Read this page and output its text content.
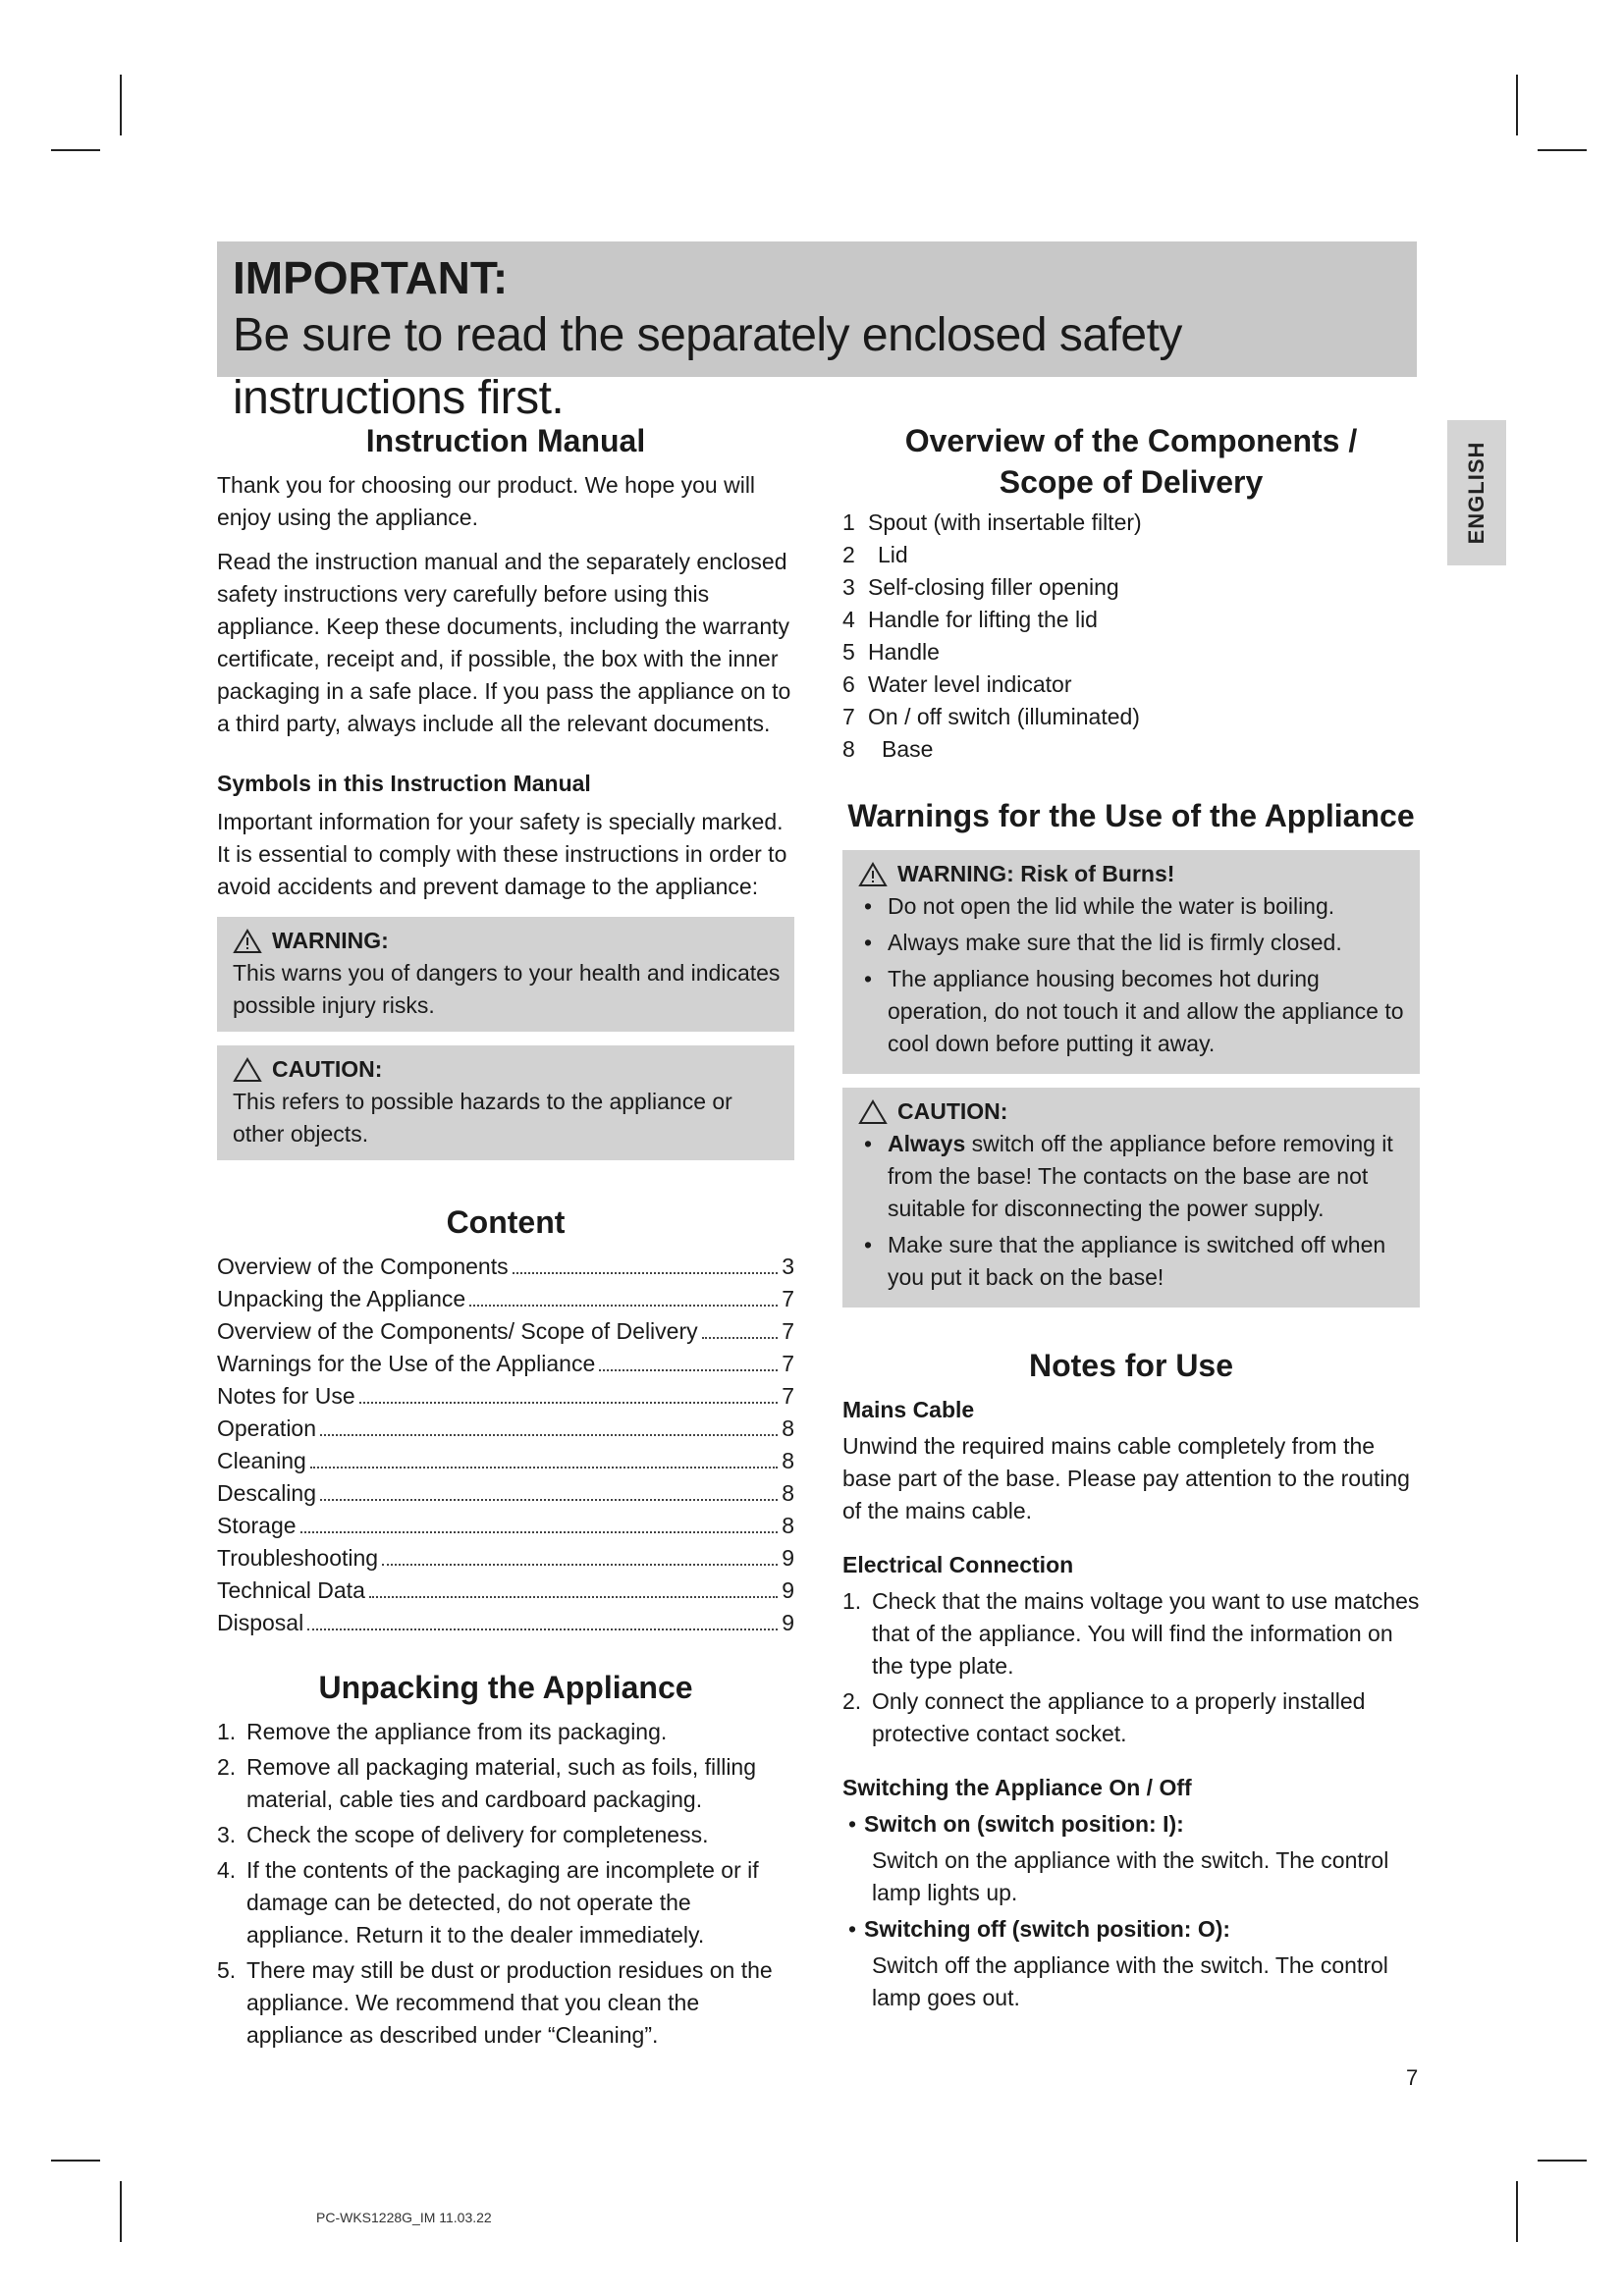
IMPORTANT:
Be sure to read the separately enclosed safety instructions first.
ENGLISH
Instruction Manual

Thank you for choosing our product. We hope you will enjoy using the appliance.

Read the instruction manual and the separately enclosed safety instructions very carefully before using this appliance. Keep these documents, including the warranty certificate, receipt and, if possible, the box with the inner packaging in a safe place. If you pass the appliance on to a third party, always include all the relevant documents.

Symbols in this Instruction Manual

Important information for your safety is specially marked. It is essential to comply with these instructions in order to avoid accidents and prevent damage to the appliance:

WARNING:
This warns you of dangers to your health and indicates possible injury risks.
CAUTION:
This refers to possible hazards to the appliance or other objects.
Content
Overview of the Components	3
Unpacking the Appliance	7
Overview of the Components/ Scope of Delivery	7
Warnings for the Use of the Appliance	7
Notes for Use	7
Operation	8
Cleaning	8
Descaling	8
Storage	8
Troubleshooting	9
Technical Data	9
Disposal	9
Unpacking the Appliance
1. Remove the appliance from its packaging.
2. Remove all packaging material, such as foils, filling material, cable ties and cardboard packaging.
3. Check the scope of delivery for completeness.
4. If the contents of the packaging are incomplete or if damage can be detected, do not operate the appliance. Return it to the dealer immediately.
5. There may still be dust or production residues on the appliance. We recommend that you clean the appliance as described under “Cleaning”.
Overview of the Components /
Scope of Delivery
1 Spout (with insertable filter)
2	Lid
3 Self-closing filler opening
4 Handle for lifting the lid
5 Handle
6 Water level indicator
7 On / off switch (illuminated)
8	Base
Warnings for the Use of the Appliance
WARNING: Risk of Burns!
• Do not open the lid while the water is boiling.
• Always make sure that the lid is firmly closed.
• The appliance housing becomes hot during operation, do not touch it and allow the appliance to cool down before putting it away.
CAUTION:
• Always switch off the appliance before removing it from the base! The contacts on the base are not suitable for disconnecting the power supply.
• Make sure that the appliance is switched off when you put it back on the base!
Notes for Use
Mains Cable

Unwind the required mains cable completely from the base part of the base. Please pay attention to the routing of the mains cable.

Electrical Connection
1. Check that the mains voltage you want to use matches that of the appliance. You will find the information on the type plate.
2. Only connect the appliance to a properly installed protective contact socket.
Switching the Appliance On / Off
• Switch on (switch position: I):
Switch on the appliance with the switch. The control lamp lights up.
• Switching off (switch position: O):
Switch off the appliance with the switch. The control lamp goes out.
7
PC-WKS1228G_IM 11.03.22
